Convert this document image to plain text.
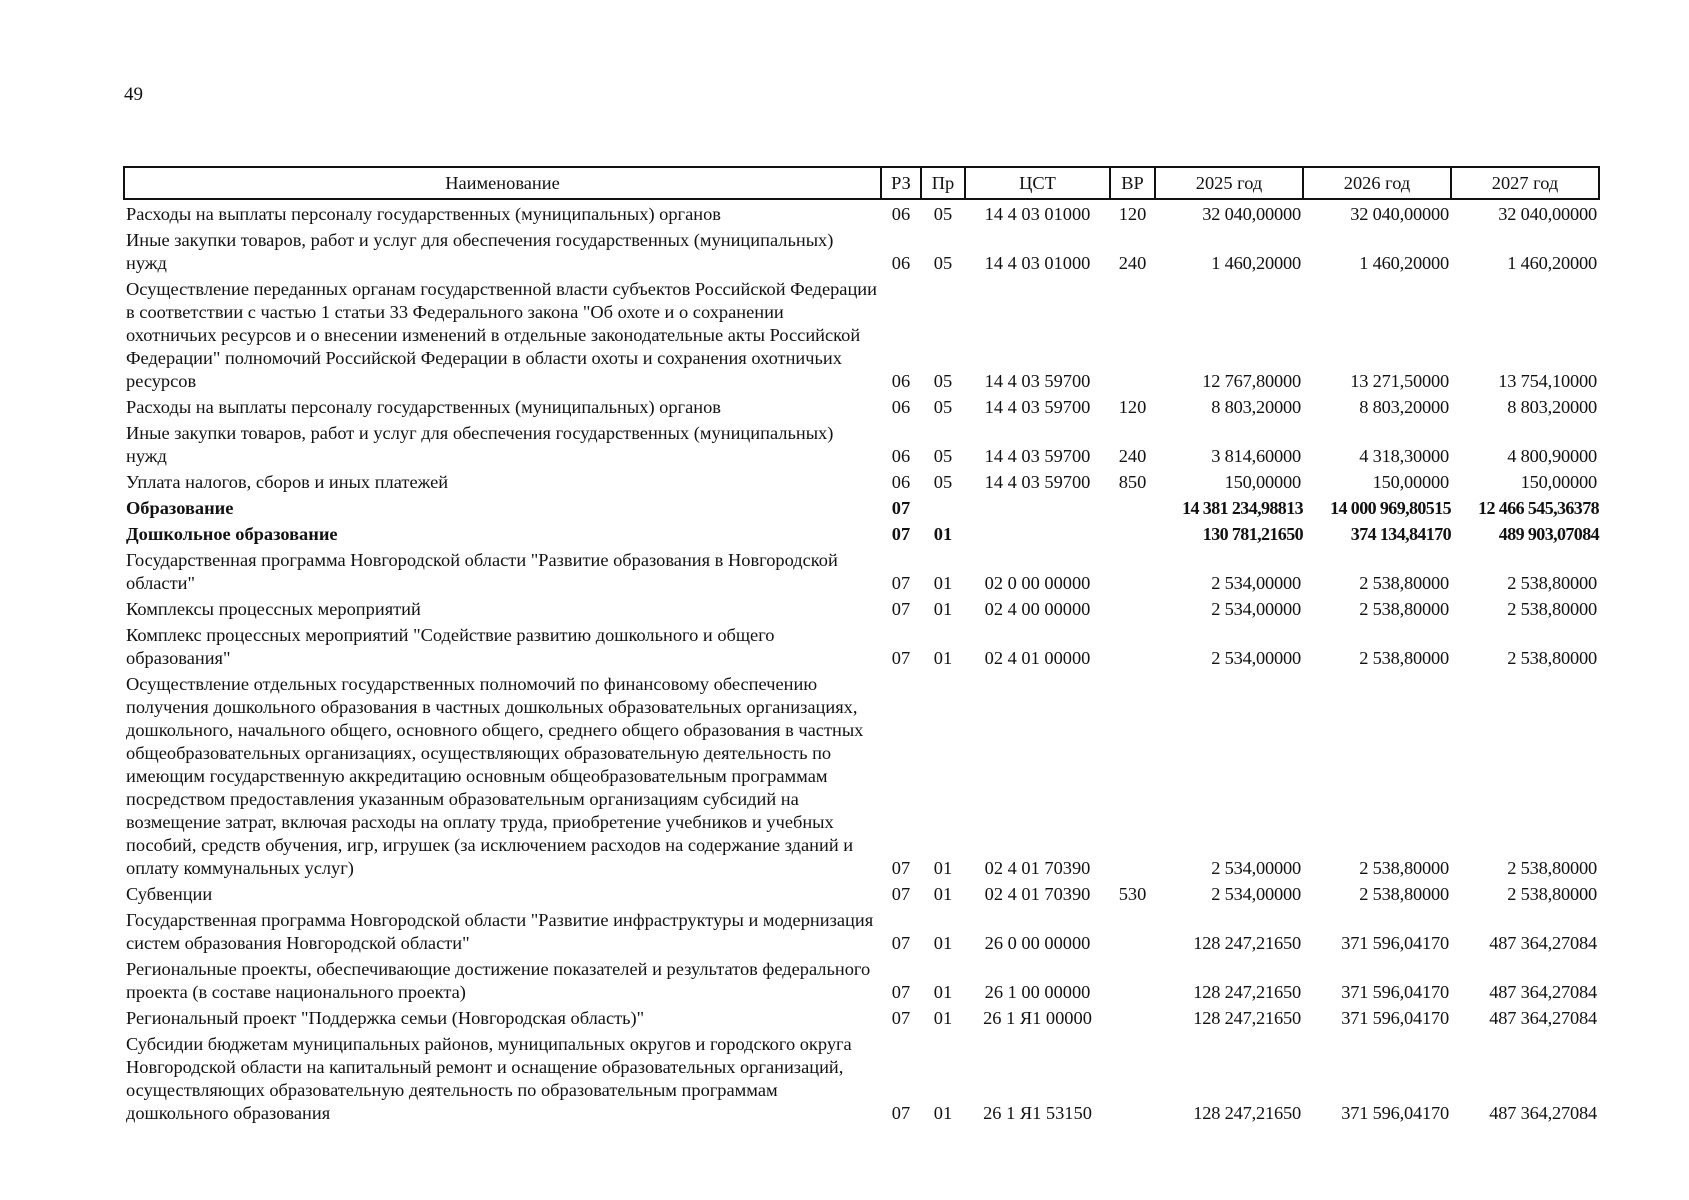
49
Наименование	РЗ	Пр	ЦСТ	ВР	2025 год	2026 год	2027 год
Расходы на выплаты персоналу государственных (муниципальных) органов	06	05	14 4 03 01000	120	32 040,00000	32 040,00000	32 040,00000
Иные закупки товаров, работ и услуг для обеспечения государственных (муниципальных) нужд	06	05	14 4 03 01000	240	1 460,20000	1 460,20000	1 460,20000
Осуществление переданных органам государственной власти субъектов Российской Федерации в соответствии с частью 1 статьи 33 Федерального закона "Об охоте и о сохранении охотничьих ресурсов и о внесении изменений в отдельные законодательные акты Российской Федерации" полномочий Российской Федерации в области охоты и сохранения охотничьих ресурсов	06	05	14 4 03 59700		12 767,80000	13 271,50000	13 754,10000
Расходы на выплаты персоналу государственных (муниципальных) органов	06	05	14 4 03 59700	120	8 803,20000	8 803,20000	8 803,20000
Иные закупки товаров, работ и услуг для обеспечения государственных (муниципальных) нужд	06	05	14 4 03 59700	240	3 814,60000	4 318,30000	4 800,90000
Уплата налогов, сборов и иных платежей	06	05	14 4 03 59700	850	150,00000	150,00000	150,00000
Образование	07				14 381 234,98813	14 000 969,80515	12 466 545,36378
Дошкольное образование	07	01			130 781,21650	374 134,84170	489 903,07084
Государственная программа Новгородской области "Развитие образования в Новгородской области"	07	01	02 0 00 00000		2 534,00000	2 538,80000	2 538,80000
Комплексы процессных мероприятий	07	01	02 4 00 00000		2 534,00000	2 538,80000	2 538,80000
Комплекс процессных мероприятий "Содействие развитию дошкольного и общего образования"	07	01	02 4 01 00000		2 534,00000	2 538,80000	2 538,80000
Осуществление отдельных государственных полномочий по финансовому обеспечению получения дошкольного образования в частных дошкольных образовательных организациях, дошкольного, начального общего, основного общего, среднего общего образования в частных общеобразовательных организациях, осуществляющих образовательную деятельность по имеющим государственную аккредитацию основным общеобразовательным программам посредством предоставления указанным образовательным организациям субсидий на возмещение затрат, включая расходы на оплату труда, приобретение учебников и учебных пособий, средств обучения, игр, игрушек (за исключением расходов на содержание зданий и оплату коммунальных услуг)	07	01	02 4 01 70390		2 534,00000	2 538,80000	2 538,80000
Субвенции	07	01	02 4 01 70390	530	2 534,00000	2 538,80000	2 538,80000
Государственная программа Новгородской области "Развитие инфраструктуры и модернизация систем образования Новгородской области"	07	01	26 0 00 00000		128 247,21650	371 596,04170	487 364,27084
Региональные проекты, обеспечивающие достижение показателей и результатов федерального проекта (в составе национального проекта)	07	01	26 1 00 00000		128 247,21650	371 596,04170	487 364,27084
Региональный проект "Поддержка семьи (Новгородская область)"	07	01	26 1 Я1 00000		128 247,21650	371 596,04170	487 364,27084
Субсидии бюджетам муниципальных районов, муниципальных округов и городского округа Новгородской области на капитальный ремонт и оснащение образовательных организаций, осуществляющих образовательную деятельность по образовательным программам дошкольного образования	07	01	26 1 Я1 53150		128 247,21650	371 596,04170	487 364,27084
